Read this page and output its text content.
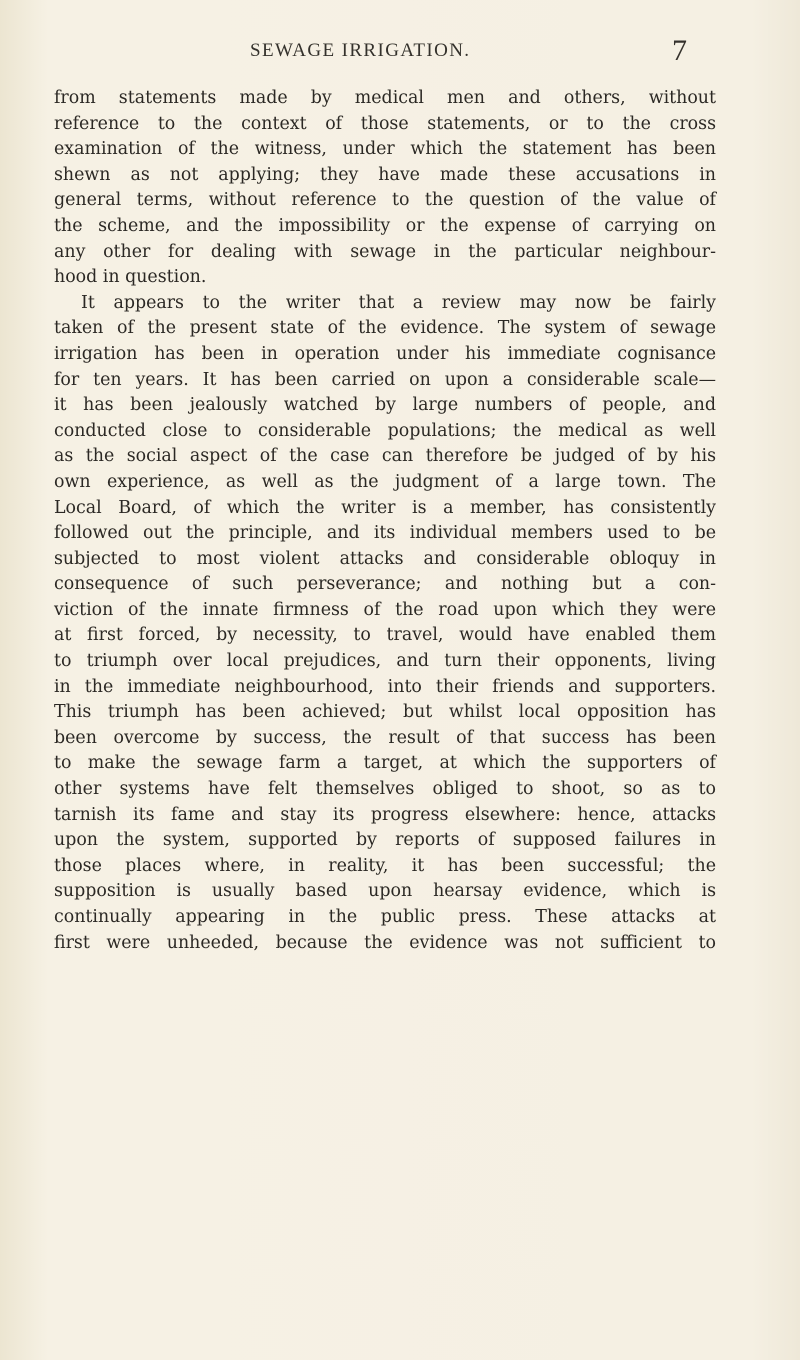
SEWAGE IRRIGATION.	7
from statements made by medical men and others, without
reference to the context of those statements, or to the cross
examination of the witness, under which the statement has been
shewn as not applying; they have made these accusations in
general terms, without reference to the question of the value of
the scheme, and the impossibility or the expense of carrying on
any other for dealing with sewage in the particular neighbour-
hood in question.
It appears to the writer that a review may now be fairly
taken of the present state of the evidence. The system of sewage
irrigation has been in operation under his immediate cognisance
for ten years. It has been carried on upon a considerable scale—
it has been jealously watched by large numbers of people, and
conducted close to considerable populations; the medical as well
as the social aspect of the case can therefore be judged of by his
own experience, as well as the judgment of a large town. The
Local Board, of which the writer is a member, has consistently
followed out the principle, and its individual members used to be
subjected to most violent attacks and considerable obloquy in
consequence of such perseverance; and nothing but a con-
viction of the innate firmness of the road upon which they were
at first forced, by necessity, to travel, would have enabled them
to triumph over local prejudices, and turn their opponents, living
in the immediate neighbourhood, into their friends and supporters.
This triumph has been achieved; but whilst local opposition has
been overcome by success, the result of that success has been
to make the sewage farm a target, at which the supporters of
other systems have felt themselves obliged to shoot, so as to
tarnish its fame and stay its progress elsewhere: hence, attacks
upon the system, supported by reports of supposed failures in
those places where, in reality, it has been successful; the
supposition is usually based upon hearsay evidence, which is
continually appearing in the public press. These attacks at
first were unheeded, because the evidence was not sufficient to
